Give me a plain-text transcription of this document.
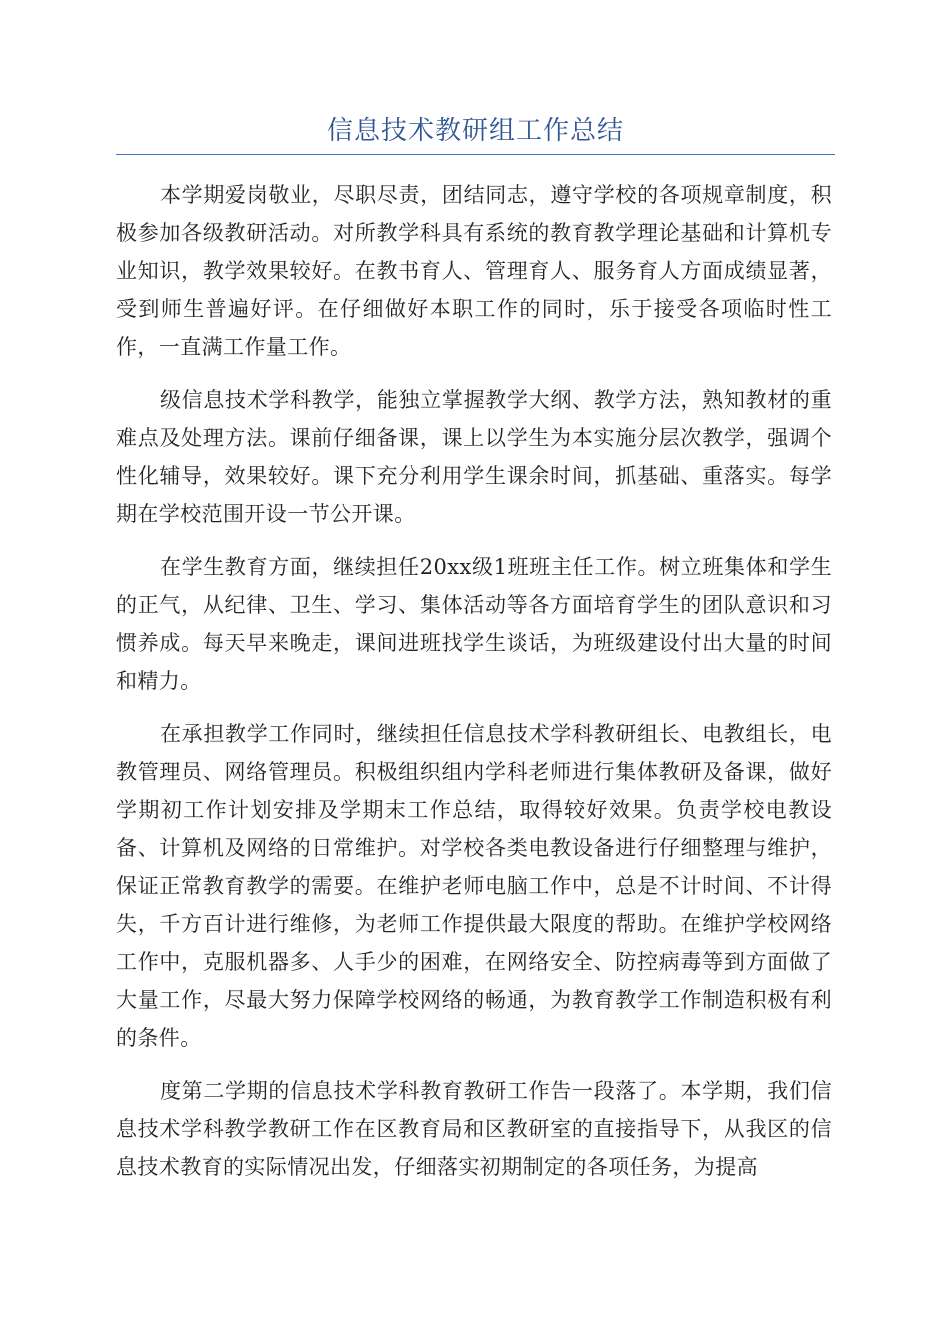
信息技术教研组工作总结

本学期爱岗敬业，尽职尽责，团结同志，遵守学校的各项规章制度，积极参加各级教研活动。对所教学科具有系统的教育教学理论基础和计算机专业知识，教学效果较好。在教书育人、管理育人、服务育人方面成绩显著，受到师生普遍好评。在仔细做好本职工作的同时，乐于接受各项临时性工作，一直满工作量工作。

级信息技术学科教学，能独立掌握教学大纲、教学方法，熟知教材的重难点及处理方法。课前仔细备课，课上以学生为本实施分层次教学，强调个性化辅导，效果较好。课下充分利用学生课余时间，抓基础、重落实。每学期在学校范围开设一节公开课。

在学生教育方面，继续担任20xx级1班班主任工作。树立班集体和学生的正气，从纪律、卫生、学习、集体活动等各方面培育学生的团队意识和习惯养成。每天早来晚走，课间进班找学生谈话，为班级建设付出大量的时间和精力。

在承担教学工作同时，继续担任信息技术学科教研组长、电教组长，电教管理员、网络管理员。积极组织组内学科老师进行集体教研及备课，做好学期初工作计划安排及学期末工作总结，取得较好效果。负责学校电教设备、计算机及网络的日常维护。对学校各类电教设备进行仔细整理与维护，保证正常教育教学的需要。在维护老师电脑工作中，总是不计时间、不计得失，千方百计进行维修，为老师工作提供最大限度的帮助。在维护学校网络工作中，克服机器多、人手少的困难，在网络安全、防控病毒等到方面做了大量工作，尽最大努力保障学校网络的畅通，为教育教学工作制造积极有利的条件。

度第二学期的信息技术学科教育教研工作告一段落了。本学期，我们信息技术学科教学教研工作在区教育局和区教研室的直接指导下，从我区的信息技术教育的实际情况出发，仔细落实初期制定的各项任务，为提高
